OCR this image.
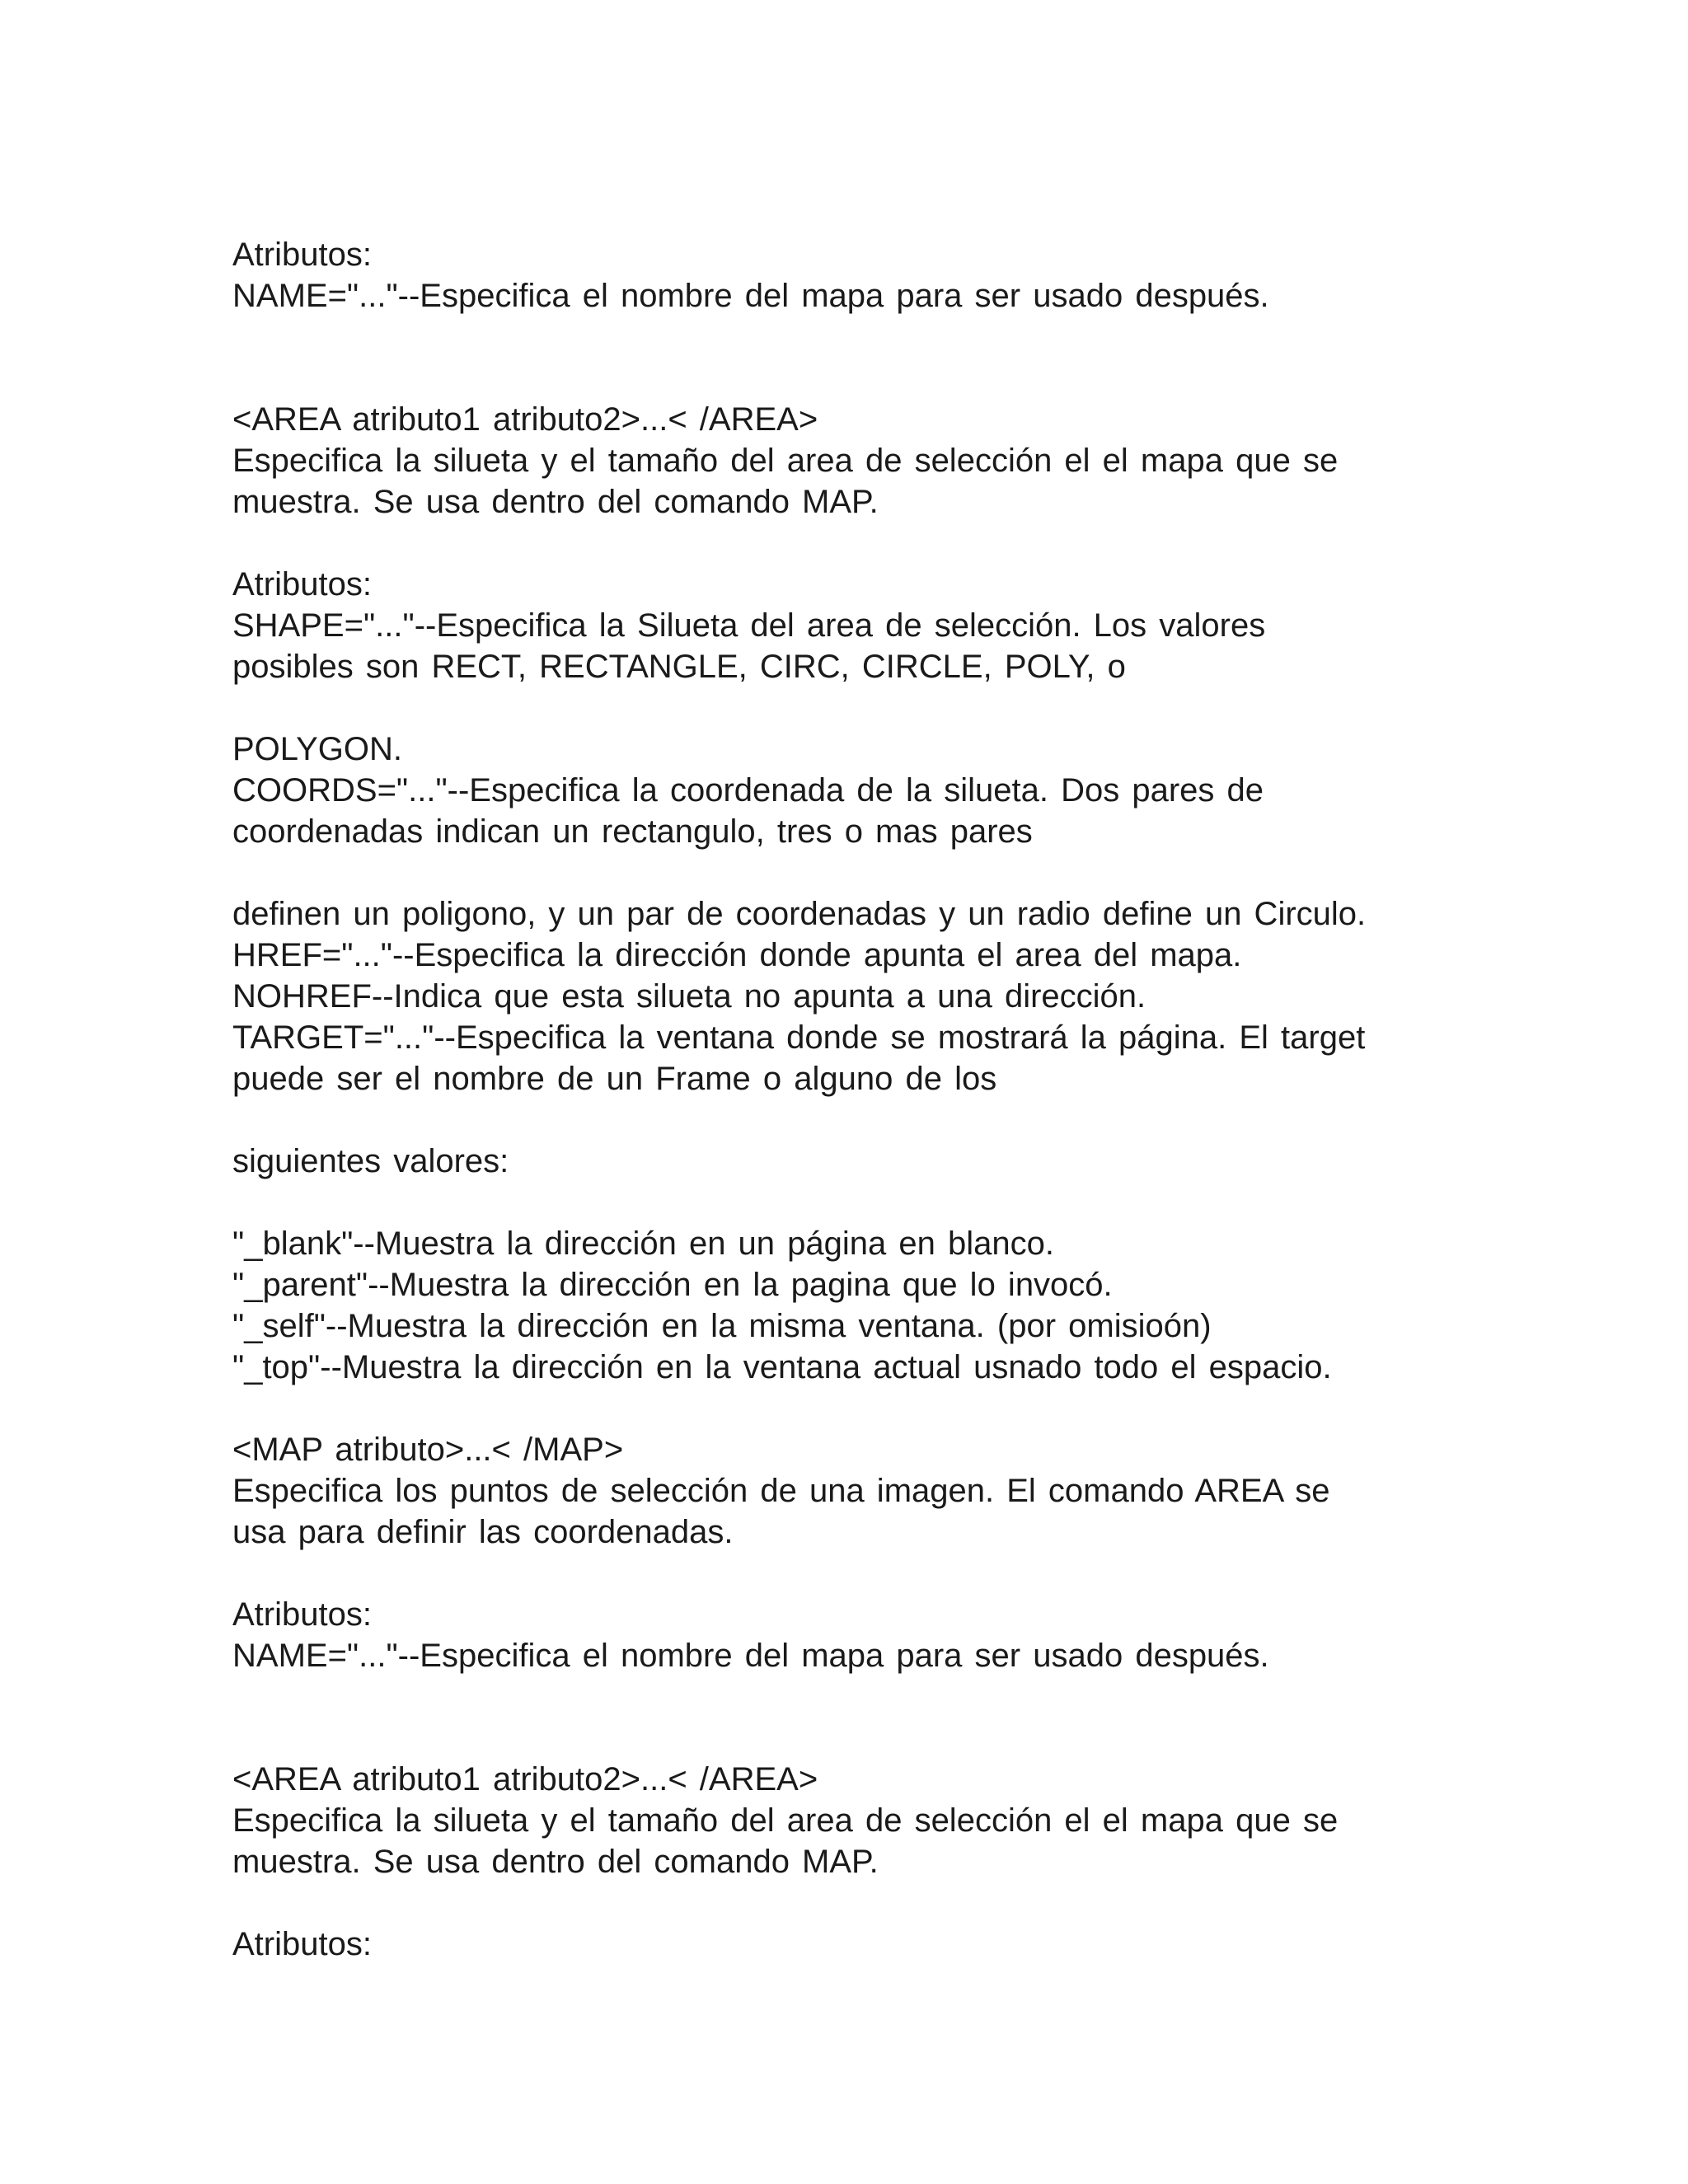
Atributos:
NAME="..."--Especifica el nombre del mapa para ser usado después.
<AREA atributo1 atributo2>...< /AREA>
Especifica la silueta y el tamaño del area de selección el el mapa que se
muestra. Se usa dentro del comando MAP.
Atributos:
SHAPE="..."--Especifica la Silueta del area de selección. Los valores
posibles son RECT, RECTANGLE, CIRC, CIRCLE, POLY, o
POLYGON.
COORDS="..."--Especifica la coordenada de la silueta. Dos pares de
coordenadas indican un rectangulo, tres o mas pares
definen un poligono, y un par de coordenadas y un radio define un Circulo.
HREF="..."--Especifica la dirección donde apunta el area del mapa.
NOHREF--Indica que esta silueta no apunta a una dirección.
TARGET="..."--Especifica la ventana donde se mostrará la página. El target
puede ser el nombre de un Frame o alguno de los
siguientes valores:
"_blank"--Muestra la dirección en un página en blanco.
"_parent"--Muestra la dirección en la pagina que lo invocó.
"_self"--Muestra la dirección en la misma ventana. (por omisioón)
"_top"--Muestra la dirección en la ventana actual usnado todo el espacio.
<MAP atributo>...< /MAP>
Especifica los puntos de selección de una imagen. El comando AREA se
usa para definir las coordenadas.
Atributos:
NAME="..."--Especifica el nombre del mapa para ser usado después.
<AREA atributo1 atributo2>...< /AREA>
Especifica la silueta y el tamaño del area de selección el el mapa que se
muestra. Se usa dentro del comando MAP.
Atributos:
